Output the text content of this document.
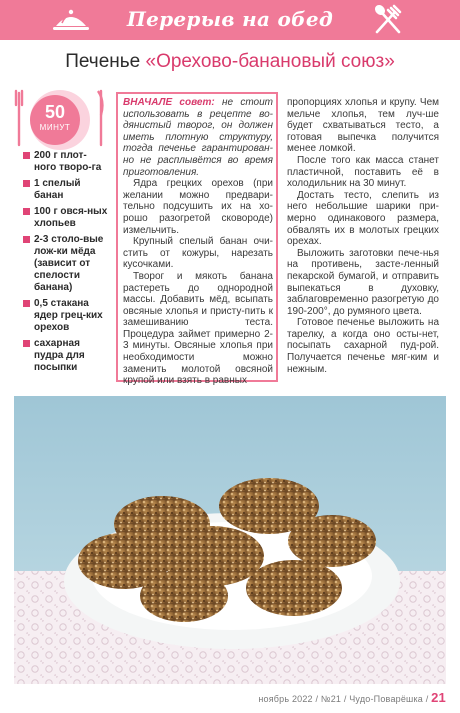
Перерыв на обед
Печенье «Орехово-банановый союз»
50
МИНУТ
200 г плот-ного творо-га
1 спелый банан
100 г овся-ных хлопьев
2-3 столо-вые лож-ки мёда (зависит от спелости банана)
0,5 стакана ядер грец-ких орехов
сахарная пудра для посыпки

ВНАЧАЛЕ совет: не стоит использовать в рецепте во-дянистый творог, он должен иметь плотную структуру, тогда печенье гарантирован-но не расплывётся во время приготовления.

Ядра грецких орехов (при желании можно предвари-тельно подсушить их на хо-рошо разогретой сковороде) измельчить.

Крупный спелый банан очи-стить от кожуры, нарезать кусочками.

Творог и мякоть банана растереть до однородной массы. Добавить мёд, всыпать овсяные хлопья и присту-пить к замешиванию теста. Процедура займет примерно 2-3 минуты. Овсяные хлопья при необходимости можно заменить молотой овсяной крупой или взять в равных

пропорциях хлопья и крупу. Чем мельче хлопья, тем луч-ше будет схватываться тесто, а готовая выпечка получится менее ломкой.

После того как масса станет пластичной, поставить её в холодильник на 30 минут.

Достать тесто, слепить из него небольшие шарики при-мерно одинакового размера, обвалять их в молотых грецких орехах.

Выложить заготовки пече-нья на противень, засте-ленный пекарской бумагой, и отправить выпекаться в духовку, заблаговременно разогретую до 190-200°, до румяного цвета.

Готовое печенье выложить на тарелку, а когда оно осты-нет, посыпать сахарной пуд-рой. Получается печенье мяг-ким и нежным.

ноябрь 2022 / №21 / Чудо-Поварёшка / 21
